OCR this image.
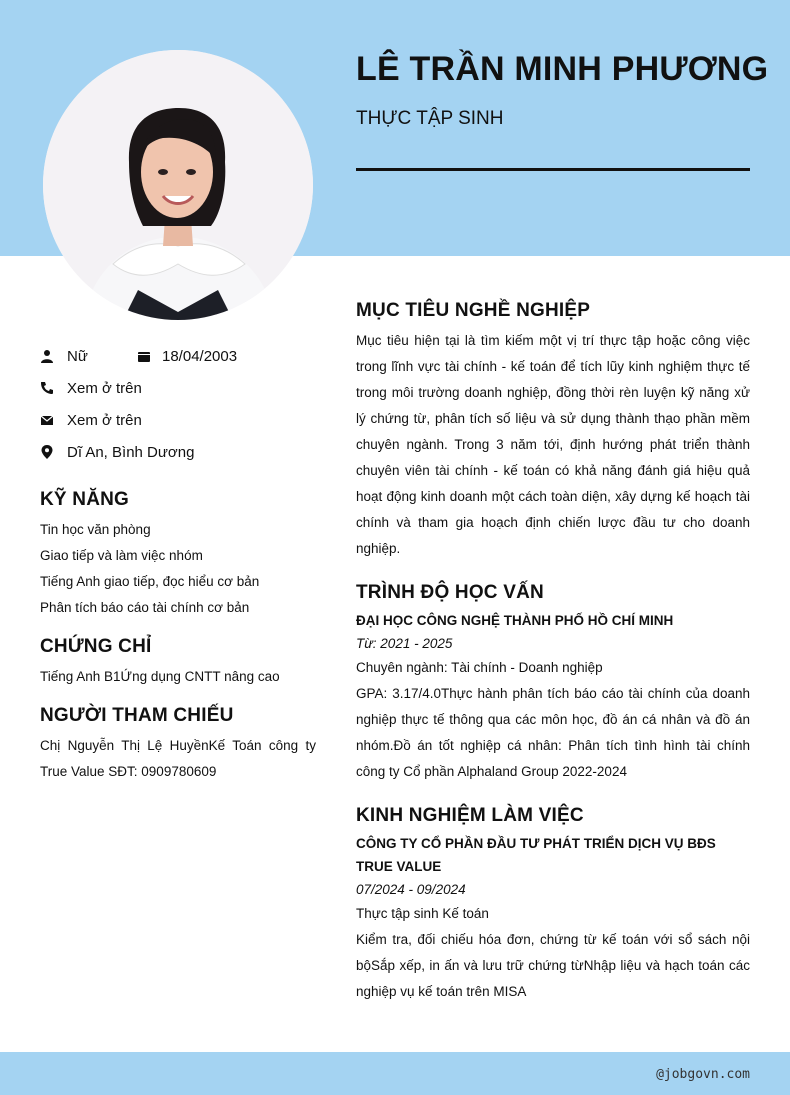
LÊ TRẦN MINH PHƯƠNG
THỰC TẬP SINH
Nữ	18/04/2003
Xem ở trên
Xem ở trên
Dĩ An, Bình Dương
KỸ NĂNG
Tin học văn phòng
Giao tiếp và làm việc nhóm
Tiếng Anh giao tiếp, đọc hiểu cơ bản
Phân tích báo cáo tài chính cơ bản
CHỨNG CHỈ
Tiếng Anh B1Ứng dụng CNTT nâng cao
NGƯỜI THAM CHIẾU
Chị Nguyễn Thị Lệ HuyềnKế Toán công ty True Value SĐT: 0909780609
MỤC TIÊU NGHỀ NGHIỆP

Mục tiêu hiện tại là tìm kiếm một vị trí thực tập hoặc công việc trong lĩnh vực tài chính - kế toán để tích lũy kinh nghiệm thực tế trong môi trường doanh nghiệp, đồng thời rèn luyện kỹ năng xử lý chứng từ, phân tích số liệu và sử dụng thành thạo phần mềm chuyên ngành. Trong 3 năm tới, định hướng phát triển thành chuyên viên tài chính - kế toán có khả năng đánh giá hiệu quả hoạt động kinh doanh một cách toàn diện, xây dựng kế hoạch tài chính và tham gia hoạch định chiến lược đầu tư cho doanh nghiệp.

TRÌNH ĐỘ HỌC VẤN
ĐẠI HỌC CÔNG NGHỆ THÀNH PHỐ HỒ CHÍ MINH
Từ: 2021 - 2025
Chuyên ngành: Tài chính - Doanh nghiệp

GPA: 3.17/4.0Thực hành phân tích báo cáo tài chính của doanh nghiệp thực tế thông qua các môn học, đồ án cá nhân và đồ án nhóm.Đồ án tốt nghiệp cá nhân: Phân tích tình hình tài chính công ty Cổ phần Alphaland Group 2022-2024

KINH NGHIỆM LÀM VIỆC
CÔNG TY CỔ PHẦN ĐẦU TƯ PHÁT TRIỂN DỊCH VỤ BĐS TRUE VALUE
07/2024 - 09/2024
Thực tập sinh Kế toán

Kiểm tra, đối chiếu hóa đơn, chứng từ kế toán với sổ sách nội bộSắp xếp, in ấn và lưu trữ chứng từNhập liệu và hạch toán các nghiệp vụ kế toán trên MISA

@jobgovn.com
